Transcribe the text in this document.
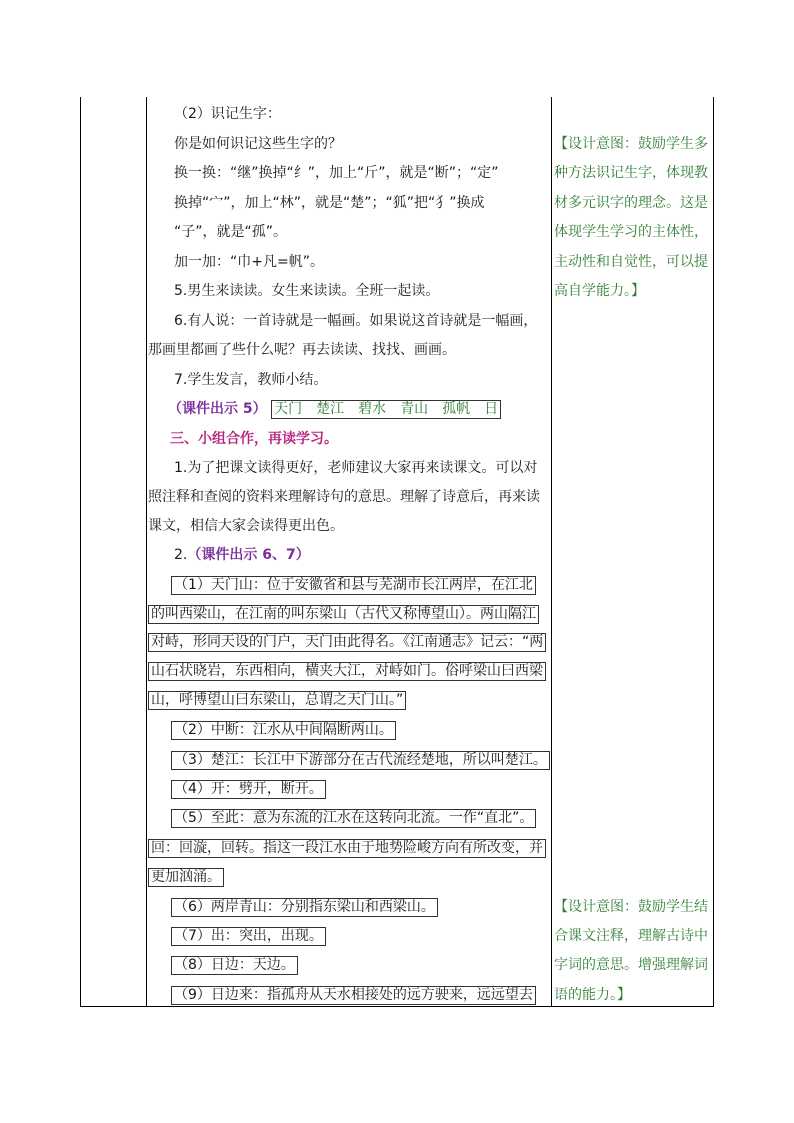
（2）识记生字：
你是如何识记这些生字的？
换一换：“继”换掉“纟”，加上“斤”，就是“断”；“定”
换掉“宀”，加上“林”，就是“楚”；“狐”把“犭”换成
“子”，就是“孤”。
加一加：“巾+凡=帆”。
5.男生来读读。女生来读读。全班一起读。
6.有人说：一首诗就是一幅画。如果说这首诗就是一幅画，
那画里都画了些什么呢？再去读读、找找、画画。
7.学生发言，教师小结。
（课件出示 5） 天门　楚江　碧水　青山　孤帆　日
三、小组合作，再读学习。
1.为了把课文读得更好，老师建议大家再来读课文。可以对
照注释和查阅的资料来理解诗句的意思。理解了诗意后，再来读
课文，相信大家会读得更出色。
2.（课件出示 6、7）
（1）天门山：位于安徽省和县与芜湖市长江两岸，在江北
的叫西梁山，在江南的叫东梁山（古代又称博望山）。两山隔江
对峙，形同天设的门户，天门由此得名。《江南通志》记云：“两
山石状晓岩，东西相向，横夹大江，对峙如门。俗呼梁山曰西梁
山，呼博望山曰东梁山，总谓之天门山。”
（2）中断：江水从中间隔断两山。
（3）楚江：长江中下游部分在古代流经楚地，所以叫楚江。
（4）开：劈开，断开。
（5）至此：意为东流的江水在这转向北流。一作“直北”。
回：回漩，回转。指这一段江水由于地势险峻方向有所改变，并
更加汹涌。
（6）两岸青山：分别指东梁山和西梁山。
（7）出：突出，出现。
（8）日边：天边。
（9）日边来：指孤舟从天水相接处的远方驶来，远远望去
【设计意图：鼓励学生多
种方法识记生字，体现教
材多元识字的理念。这是
体现学生学习的主体性，
主动性和自觉性，可以提
高自学能力。】
【设计意图：鼓励学生结
合课文注释，理解古诗中
字词的意思。增强理解词
语的能力。】
